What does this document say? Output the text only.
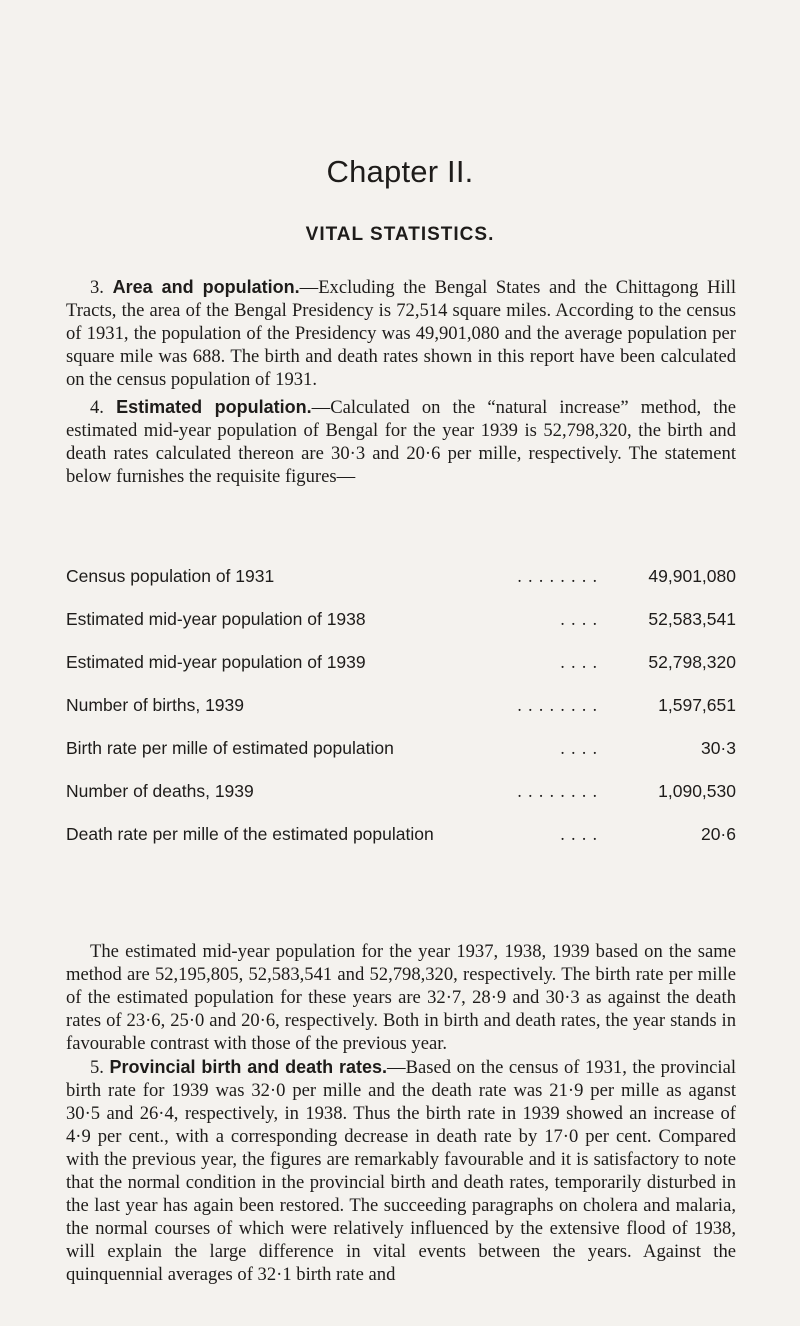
Chapter II.
VITAL STATISTICS.

3. Area and population.—Excluding the Bengal States and the Chittagong Hill Tracts, the area of the Bengal Presidency is 72,514 square miles. According to the census of 1931, the population of the Presidency was 49,901,080 and the average population per square mile was 688. The birth and death rates shown in this report have been calculated on the census population of 1931.

4. Estimated population.—Calculated on the “natural increase” method, the estimated mid-year population of Bengal for the year 1939 is 52,798,320, the birth and death rates calculated thereon are 30·3 and 20·6 per mille, respectively. The statement below furnishes the requisite figures—

Census population of 1931	. . . . . . . .	49,901,080
Estimated mid-year population of 1938	. . . .	52,583,541
Estimated mid-year population of 1939	. . . .	52,798,320
Number of births, 1939	. . . . . . . .	1,597,651
Birth rate per mille of estimated population	. . . .	30·3
Number of deaths, 1939	. . . . . . . .	1,090,530
Death rate per mille of the estimated population	. . . .	20·6

The estimated mid-year population for the year 1937, 1938, 1939 based on the same method are 52,195,805, 52,583,541 and 52,798,320, respectively. The birth rate per mille of the estimated population for these years are 32·7, 28·9 and 30·3 as against the death rates of 23·6, 25·0 and 20·6, respectively. Both in birth and death rates, the year stands in favourable contrast with those of the previous year.

5. Provincial birth and death rates.—Based on the census of 1931, the provincial birth rate for 1939 was 32·0 per mille and the death rate was 21·9 per mille as aganst 30·5 and 26·4, respectively, in 1938. Thus the birth rate in 1939 showed an increase of 4·9 per cent., with a corresponding decrease in death rate by 17·0 per cent. Compared with the previous year, the figures are remarkably favourable and it is satisfactory to note that the normal condition in the provincial birth and death rates, temporarily disturbed in the last year has again been restored. The succeeding paragraphs on cholera and malaria, the normal courses of which were relatively influenced by the extensive flood of 1938, will explain the large difference in vital events between the years. Against the quinquennial averages of 32·1 birth rate and
